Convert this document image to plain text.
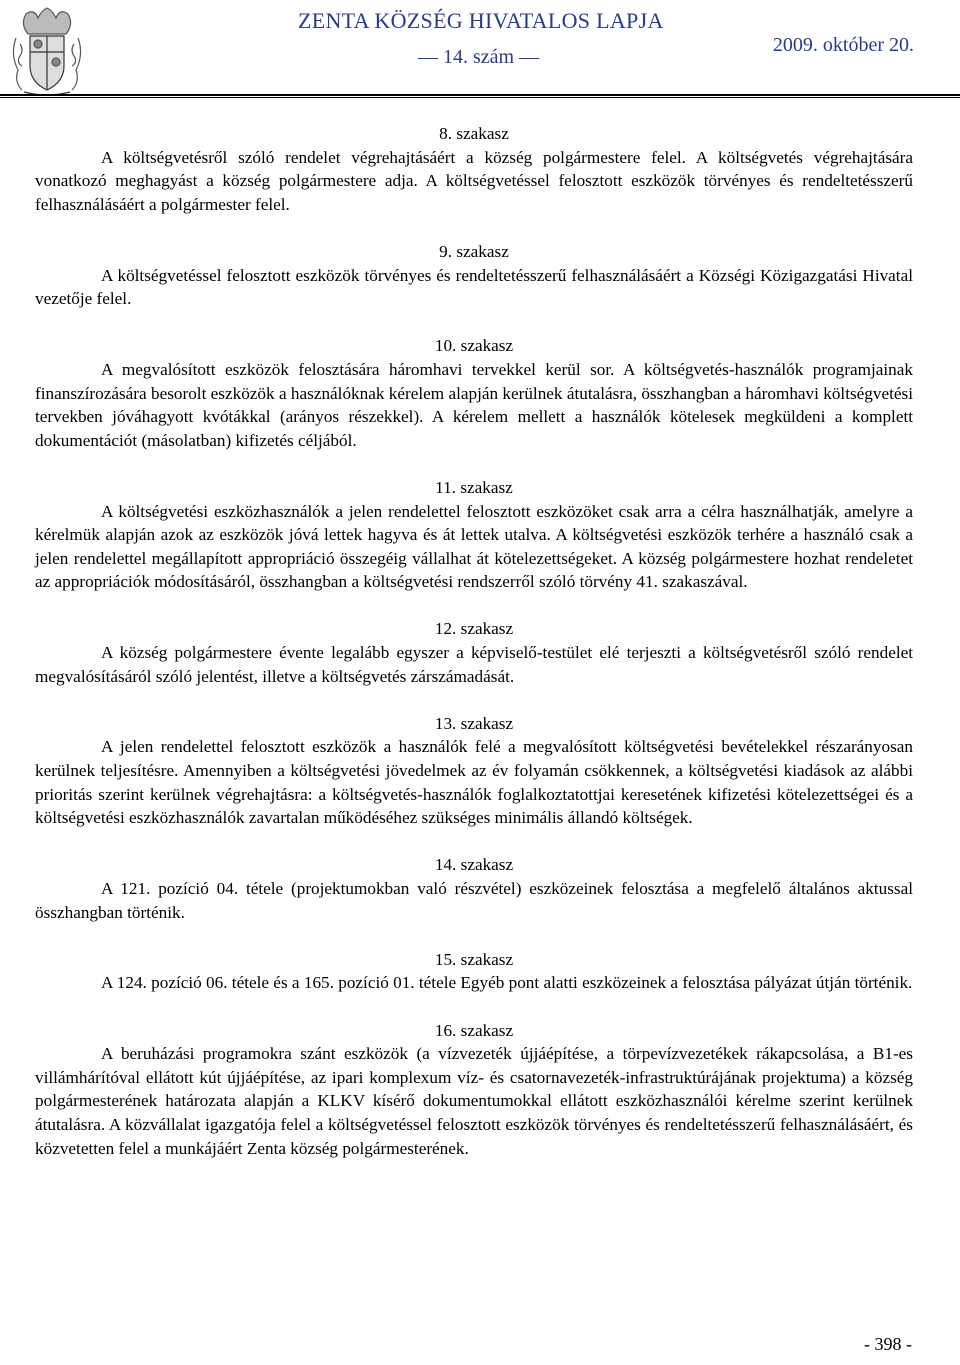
ZENTA KÖZSÉG HIVATALOS LAPJA
— 14. szám —
2009. október 20.
8. szakasz

A költségvetésről szóló rendelet végrehajtásáért a község polgármestere felel. A költségvetés végrehajtására vonatkozó meghagyást a község polgármestere adja. A költségvetéssel felosztott eszközök törvényes és rendeltetésszerű felhasználásáért a polgármester felel.

9. szakasz

A költségvetéssel felosztott eszközök törvényes és rendeltetésszerű felhasználásáért a Községi Közigazgatási Hivatal vezetője felel.

10. szakasz

A megvalósított eszközök felosztására háromhavi tervekkel kerül sor. A költségvetés-használók programjainak finanszírozására besorolt eszközök a használóknak kérelem alapján kerülnek átutalásra, összhangban a háromhavi költségvetési tervekben jóváhagyott kvótákkal (arányos részekkel). A kérelem mellett a használók kötelesek megküldeni a komplett dokumentációt (másolatban) kifizetés céljából.

11. szakasz

A költségvetési eszközhasználók a jelen rendelettel felosztott eszközöket csak arra a célra használhatják, amelyre a kérelmük alapján azok az eszközök jóvá lettek hagyva és át lettek utalva. A költségvetési eszközök terhére a használó csak a jelen rendelettel megállapított appropriáció összegéig vállalhat át kötelezettségeket. A község polgármestere hozhat rendeletet az appropriációk módosításáról, összhangban a költségvetési rendszerről szóló törvény 41. szakaszával.

12. szakasz

A község polgármestere évente legalább egyszer a képviselő-testület elé terjeszti a költségvetésről szóló rendelet megvalósításáról szóló jelentést, illetve a költségvetés zárszámadását.

13. szakasz

A jelen rendelettel felosztott eszközök a használók felé a megvalósított költségvetési bevételekkel részarányosan kerülnek teljesítésre. Amennyiben a költségvetési jövedelmek az év folyamán csökkennek, a költségvetési kiadások az alábbi prioritás szerint kerülnek végrehajtásra: a költségvetés-használók foglalkoztatottjai keresetének kifizetési kötelezettségei és a költségvetési eszközhasználók zavartalan működéséhez szükséges minimális állandó költségek.

14. szakasz

A 121. pozíció 04. tétele (projektumokban való részvétel) eszközeinek felosztása a megfelelő általános aktussal összhangban történik.

15. szakasz

A 124. pozíció 06. tétele és a 165. pozíció 01. tétele Egyéb pont alatti eszközeinek a felosztása pályázat útján történik.

16. szakasz

A beruházási programokra szánt eszközök (a vízvezeték újjáépítése, a törpevízvezetékek rákapcsolása, a B1-es villámhárítóval ellátott kút újjáépítése, az ipari komplexum víz- és csatornavezeték-infrastruktúrájának projektuma) a község polgármesterének határozata alapján a KLKV kísérő dokumentumokkal ellátott eszközhasználói kérelme szerint kerülnek átutalásra. A közvállalat igazgatója felel a költségvetéssel felosztott eszközök törvényes és rendeltetésszerű felhasználásáért, és közvetetten felel a munkájáért Zenta község polgármesterének.

- 398 -
